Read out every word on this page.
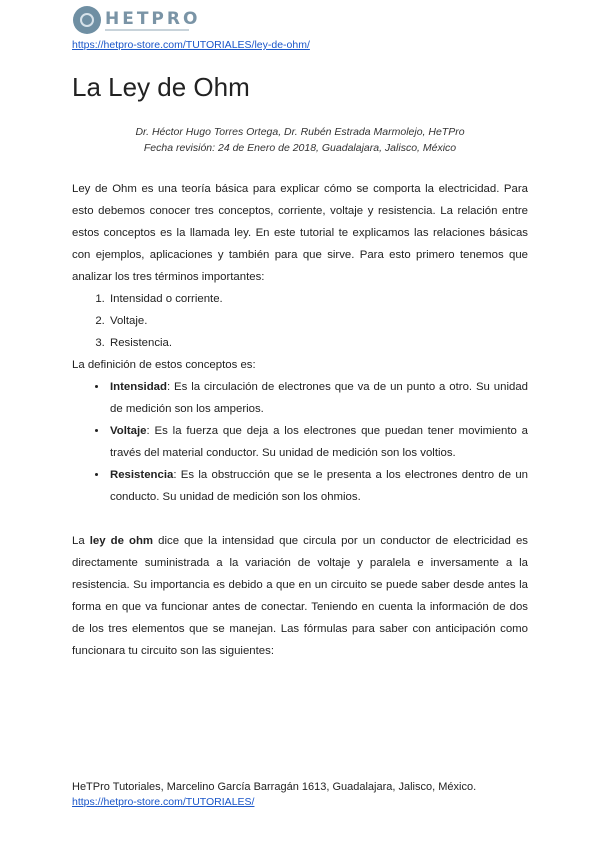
HETPRO
https://hetpro-store.com/TUTORIALES/ley-de-ohm/
La Ley de Ohm
Dr. Héctor Hugo Torres Ortega, Dr. Rubén Estrada Marmolejo, HeTPro
Fecha revisión: 24 de Enero de 2018, Guadalajara, Jalisco, México

Ley de Ohm es una teoría básica para explicar cómo se comporta la electricidad. Para esto debemos conocer tres conceptos, corriente, voltaje y resistencia. La relación entre estos conceptos es la llamada ley. En este tutorial te explicamos las relaciones básicas con ejemplos, aplicaciones y también para que sirve. Para esto primero tenemos que analizar los tres términos importantes:

1. Intensidad o corriente.
2. Voltaje.
3. Resistencia.

La definición de estos conceptos es:

• Intensidad: Es la circulación de electrones que va de un punto a otro. Su unidad de medición son los amperios.
• Voltaje: Es la fuerza que deja a los electrones que puedan tener movimiento a través del material conductor. Su unidad de medición son los voltios.
• Resistencia: Es la obstrucción que se le presenta a los electrones dentro de un conducto. Su unidad de medición son los ohmios.

La ley de ohm dice que la intensidad que circula por un conductor de electricidad es directamente suministrada a la variación de voltaje y paralela e inversamente a la resistencia. Su importancia es debido a que en un circuito se puede saber desde antes la forma en que va funcionar antes de conectar. Teniendo en cuenta la información de dos de los tres elementos que se manejan. Las fórmulas para saber con anticipación como funcionara tu circuito son las siguientes:

HeTPro Tutoriales, Marcelino García Barragán 1613, Guadalajara, Jalisco, México.
https://hetpro-store.com/TUTORIALES/
